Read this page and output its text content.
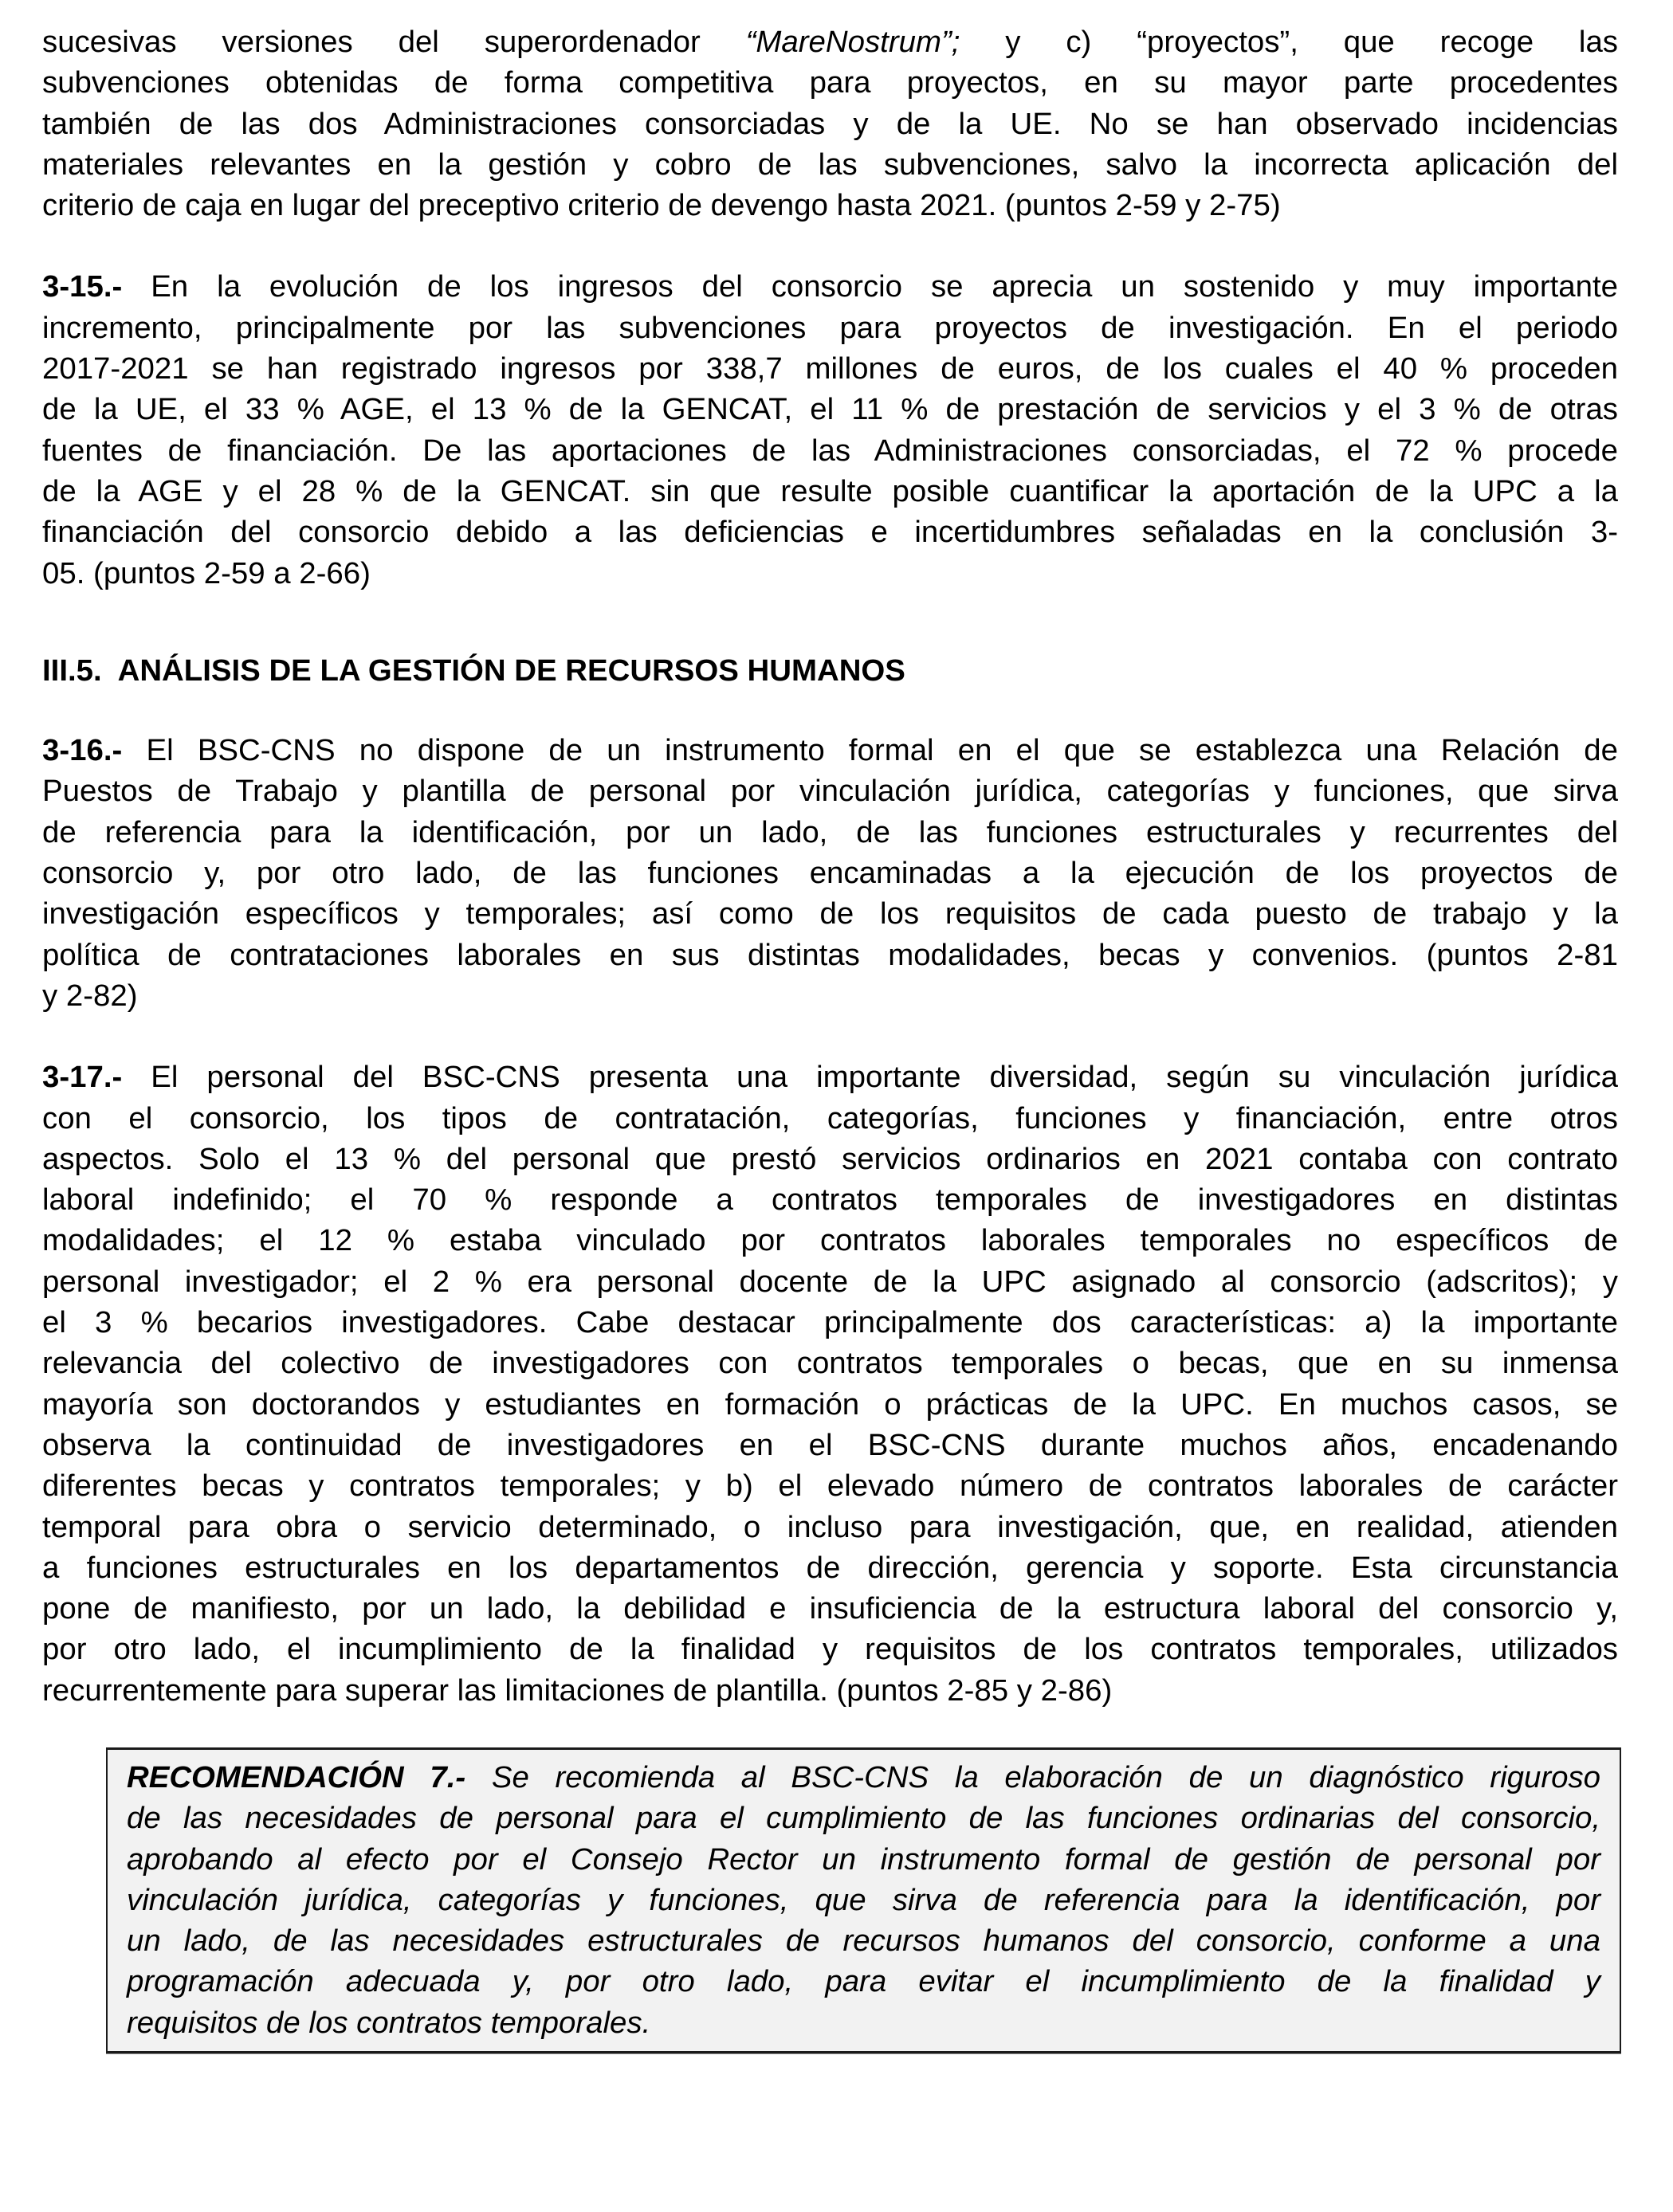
sucesivas versiones del superordenador “MareNostrum”; y c) “proyectos”, que recoge las
subvenciones obtenidas de forma competitiva para proyectos, en su mayor parte procedentes
también de las dos Administraciones consorciadas y de la UE. No se han observado incidencias
materiales relevantes en la gestión y cobro de las subvenciones, salvo la incorrecta aplicación del
criterio de caja en lugar del preceptivo criterio de devengo hasta 2021. (puntos 2-59 y 2-75)
3-15.- En la evolución de los ingresos del consorcio se aprecia un sostenido y muy importante
incremento, principalmente por las subvenciones para proyectos de investigación. En el periodo
2017-2021 se han registrado ingresos por 338,7 millones de euros, de los cuales el 40 % proceden
de la UE, el 33 % AGE, el 13 % de la GENCAT, el 11 % de prestación de servicios y el 3 % de otras
fuentes de financiación. De las aportaciones de las Administraciones consorciadas, el 72 % procede
de la AGE y el 28 % de la GENCAT. sin que resulte posible cuantificar la aportación de la UPC a la
financiación del consorcio debido a las deficiencias e incertidumbres señaladas en la conclusión 3-
05. (puntos 2-59 a 2-66)
III.5. ANÁLISIS DE LA GESTIÓN DE RECURSOS HUMANOS
3-16.- El BSC-CNS no dispone de un instrumento formal en el que se establezca una Relación de
Puestos de Trabajo y plantilla de personal por vinculación jurídica, categorías y funciones, que sirva
de referencia para la identificación, por un lado, de las funciones estructurales y recurrentes del
consorcio y, por otro lado, de las funciones encaminadas a la ejecución de los proyectos de
investigación específicos y temporales; así como de los requisitos de cada puesto de trabajo y la
política de contrataciones laborales en sus distintas modalidades, becas y convenios. (puntos 2-81
y 2-82)
3-17.- El personal del BSC-CNS presenta una importante diversidad, según su vinculación jurídica
con el consorcio, los tipos de contratación, categorías, funciones y financiación, entre otros
aspectos. Solo el 13 % del personal que prestó servicios ordinarios en 2021 contaba con contrato
laboral indefinido; el 70 % responde a contratos temporales de investigadores en distintas
modalidades; el 12 % estaba vinculado por contratos laborales temporales no específicos de
personal investigador; el 2 % era personal docente de la UPC asignado al consorcio (adscritos); y
el 3 % becarios investigadores. Cabe destacar principalmente dos características: a) la importante
relevancia del colectivo de investigadores con contratos temporales o becas, que en su inmensa
mayoría son doctorandos y estudiantes en formación o prácticas de la UPC. En muchos casos, se
observa la continuidad de investigadores en el BSC-CNS durante muchos años, encadenando
diferentes becas y contratos temporales; y b) el elevado número de contratos laborales de carácter
temporal para obra o servicio determinado, o incluso para investigación, que, en realidad, atienden
a funciones estructurales en los departamentos de dirección, gerencia y soporte. Esta circunstancia
pone de manifiesto, por un lado, la debilidad e insuficiencia de la estructura laboral del consorcio y,
por otro lado, el incumplimiento de la finalidad y requisitos de los contratos temporales, utilizados
recurrentemente para superar las limitaciones de plantilla. (puntos 2-85 y 2-86)
RECOMENDACIÓN 7.- Se recomienda al BSC-CNS la elaboración de un diagnóstico riguroso
de las necesidades de personal para el cumplimiento de las funciones ordinarias del consorcio,
aprobando al efecto por el Consejo Rector un instrumento formal de gestión de personal por
vinculación jurídica, categorías y funciones, que sirva de referencia para la identificación, por
un lado, de las necesidades estructurales de recursos humanos del consorcio, conforme a una
programación adecuada y, por otro lado, para evitar el incumplimiento de la finalidad y
requisitos de los contratos temporales.
